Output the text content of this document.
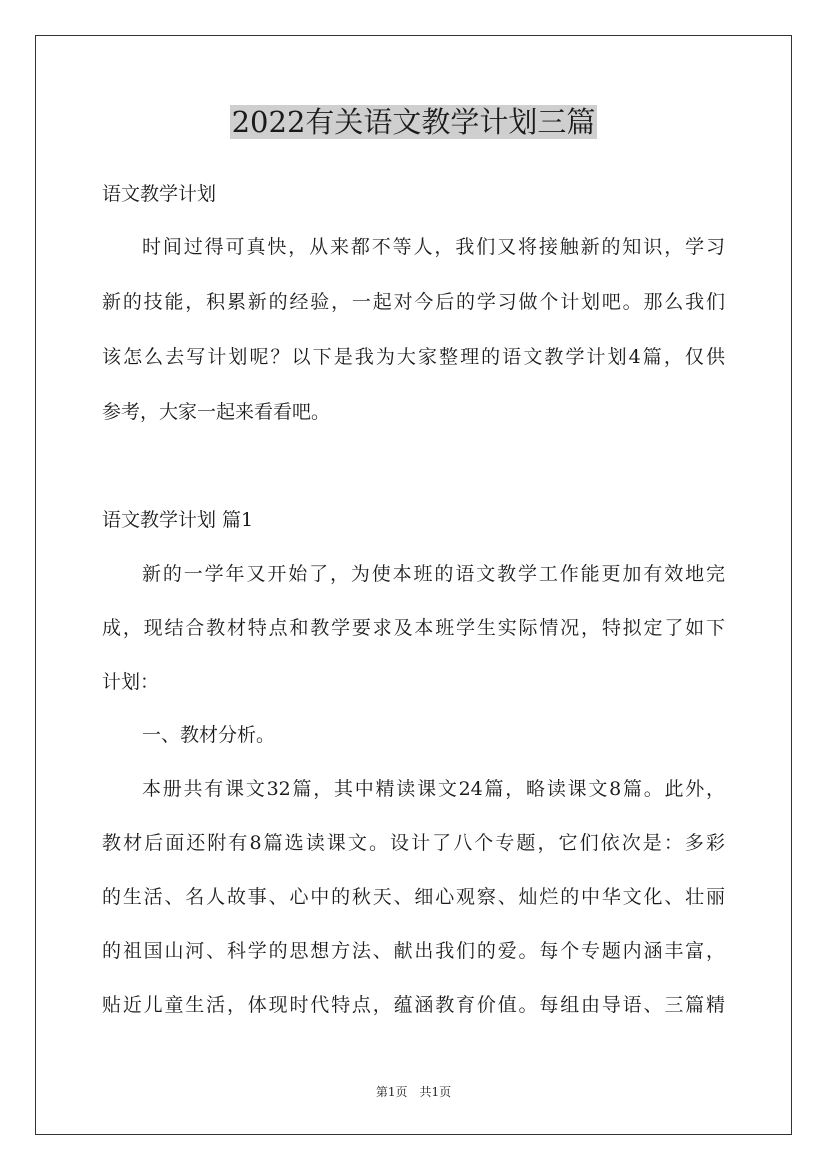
2022有关语文教学计划三篇
语文教学计划
时间过得可真快，从来都不等人，我们又将接触新的知识，学习
新的技能，积累新的经验，一起对今后的学习做个计划吧。那么我们
该怎么去写计划呢？以下是我为大家整理的语文教学计划4篇，仅供
参考，大家一起来看看吧。
语文教学计划 篇1
新的一学年又开始了，为使本班的语文教学工作能更加有效地完
成，现结合教材特点和教学要求及本班学生实际情况，特拟定了如下
计划：
一、教材分析。
本册共有课文32篇，其中精读课文24篇，略读课文8篇。此外，
教材后面还附有8篇选读课文。设计了八个专题，它们依次是：多彩
的生活、名人故事、心中的秋天、细心观察、灿烂的中华文化、壮丽
的祖国山河、科学的思想方法、献出我们的爱。每个专题内涵丰富，
贴近儿童生活，体现时代特点，蕴涵教育价值。每组由导语、三篇精
第1页　共1页
